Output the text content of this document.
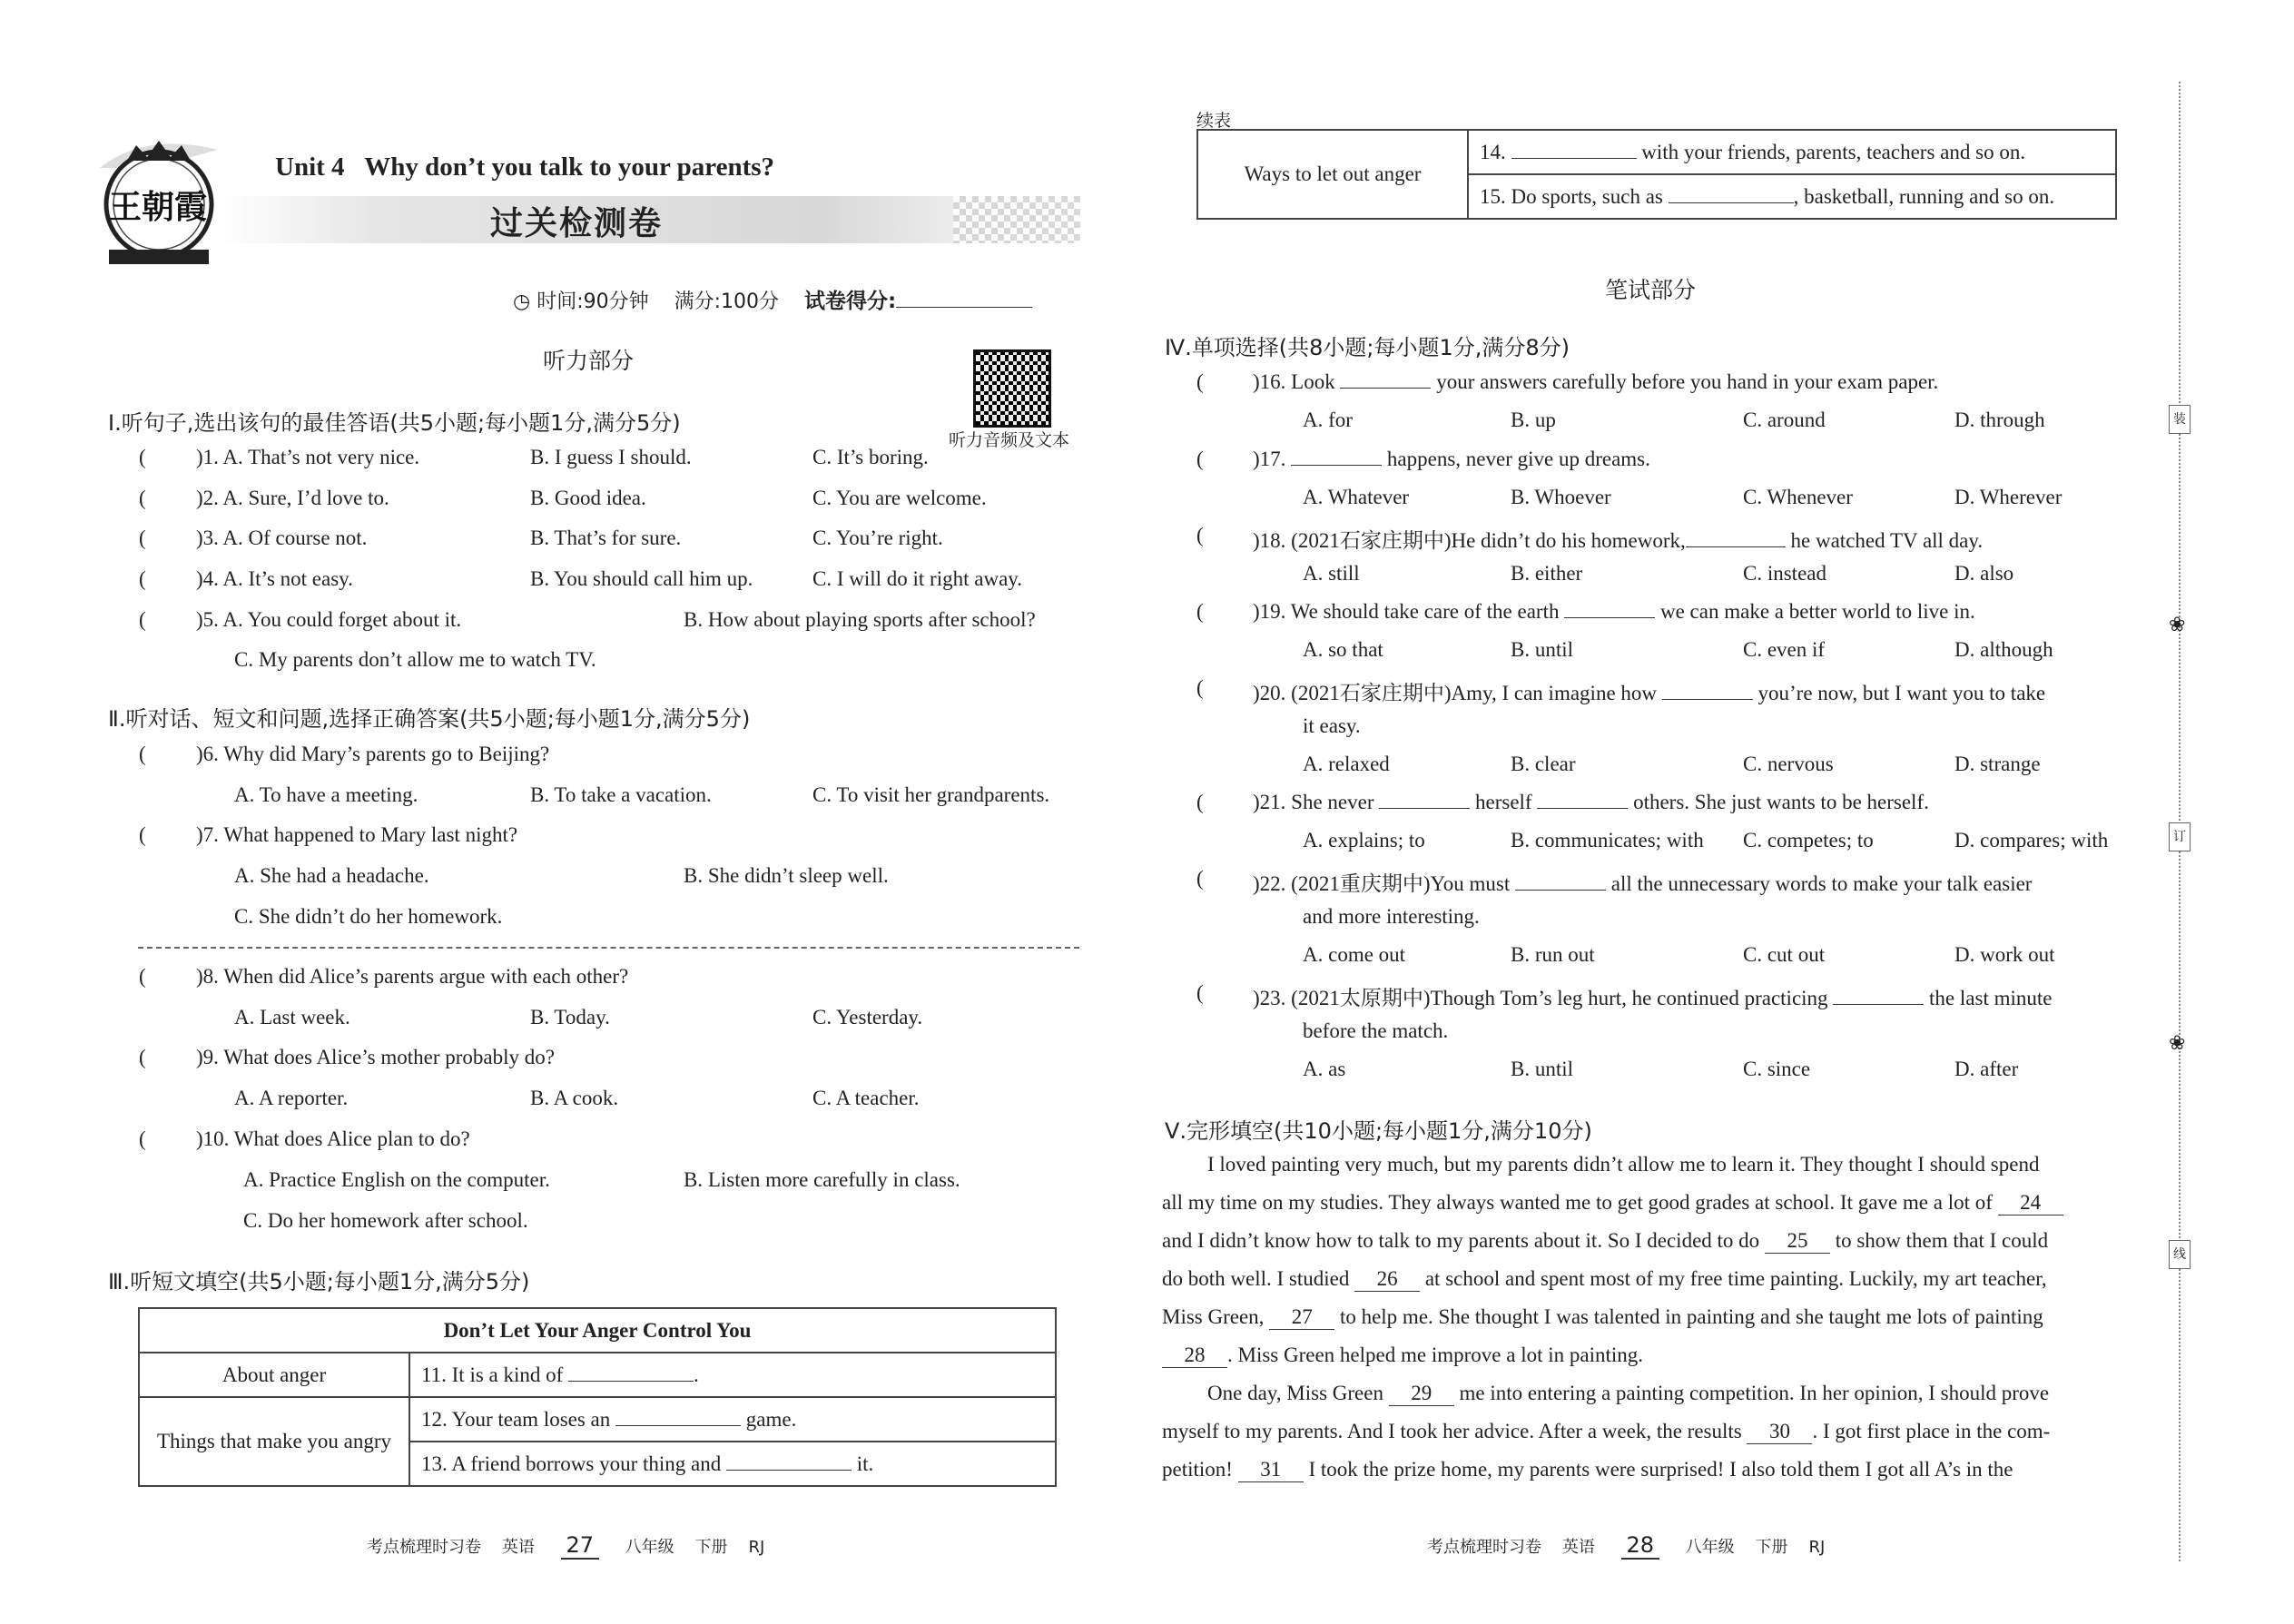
王朝霞
Unit 4 Why don’t you talk to your parents?
过关检测卷
◷ 时间:90分钟 满分:100分 试卷得分:
听力部分
听力音频及文本
Ⅰ.听句子,选出该句的最佳答语(共5小题;每小题1分,满分5分)
( )1. A. That’s not very nice.	B. I guess I should.	C. It’s boring.
( )2. A. Sure, I’d love to.	B. Good idea.	C. You are welcome.
( )3. A. Of course not.	B. That’s for sure.	C. You’re right.
( )4. A. It’s not easy.	B. You should call him up.	C. I will do it right away.
( )5. A. You could forget about it.	B. How about playing sports after school?
C. My parents don’t allow me to watch TV.
Ⅱ.听对话、短文和问题,选择正确答案(共5小题;每小题1分,满分5分)
( )6. Why did Mary’s parents go to Beijing?
A. To have a meeting.	B. To take a vacation.	C. To visit her grandparents.
( )7. What happened to Mary last night?
A. She had a headache.	B. She didn’t sleep well.
C. She didn’t do her homework.
( )8. When did Alice’s parents argue with each other?
A. Last week.	B. Today.	C. Yesterday.
( )9. What does Alice’s mother probably do?
A. A reporter.	B. A cook.	C. A teacher.
( )10. What does Alice plan to do?
A. Practice English on the computer.	B. Listen more carefully in class.
C. Do her homework after school.
Ⅲ.听短文填空(共5小题;每小题1分,满分5分)
Don’t Let Your Anger Control You	
About anger	11. It is a kind of .
Things that make you angry	12. Your team loses an game.
	13. A friend borrows your thing and it.
考点梳理时习卷 英语 27 八年级 下册 RJ
续表
Ways to let out anger	14.	with your friends, parents, teachers and so on.
15. Do sports, such as	, basketball, running and so on.
笔试部分
Ⅳ.单项选择(共8小题;每小题1分,满分8分)
( )16. Look	your answers carefully before you hand in your exam paper.
A. for	B. up	C. around	D. through
( )17.	happens, never give up dreams.
A. Whatever	B. Whoever	C. Whenever	D. Wherever
( )18. (2021石家庄期中)He didn’t do his homework,	he watched TV all day.
A. still	B. either	C. instead	D. also
( )19. We should take care of the earth	we can make a better world to live in.
A. so that	B. until	C. even if	D. although
( )20. (2021石家庄期中)Amy, I can imagine how	you’re now, but I want you to take
it easy.
A. relaxed	B. clear	C. nervous	D. strange
( )21. She never	herself	others. She just wants to be herself.
A. explains; to	B. communicates; with C. competes; to	D. compares; with
( )22. (2021重庆期中)You must	all the unnecessary words to make your talk easier
and more interesting.
A. come out	B. run out	C. cut out	D. work out
( )23. (2021太原期中)Though Tom’s leg hurt, he continued practicing	the last minute
before the match.
A. as	B. until	C. since	D. after
Ⅴ.完形填空(共10小题;每小题1分,满分10分)
I loved painting very much, but my parents didn’t allow me to learn it. They thought I should spend
all my time on my studies. They always wanted me to get good grades at school. It gave me a lot of 24
and I didn’t know how to talk to my parents about it. So I decided to do 25 to show them that I could
do both well. I studied 26 at school and spent most of my free time painting. Luckily, my art teacher,
Miss Green, 27 to help me. She thought I was talented in painting and she taught me lots of painting
28 . Miss Green helped me improve a lot in painting.
One day, Miss Green 29 me into entering a painting competition. In her opinion, I should prove
myself to my parents. And I took her advice. After a week, the results 30 . I got first place in the com-
petition! 31 I took the prize home, my parents were surprised! I also told them I got all A’s in the
考点梳理时习卷 英语 28 八年级 下册 RJ
装
❀
订
❀
线
